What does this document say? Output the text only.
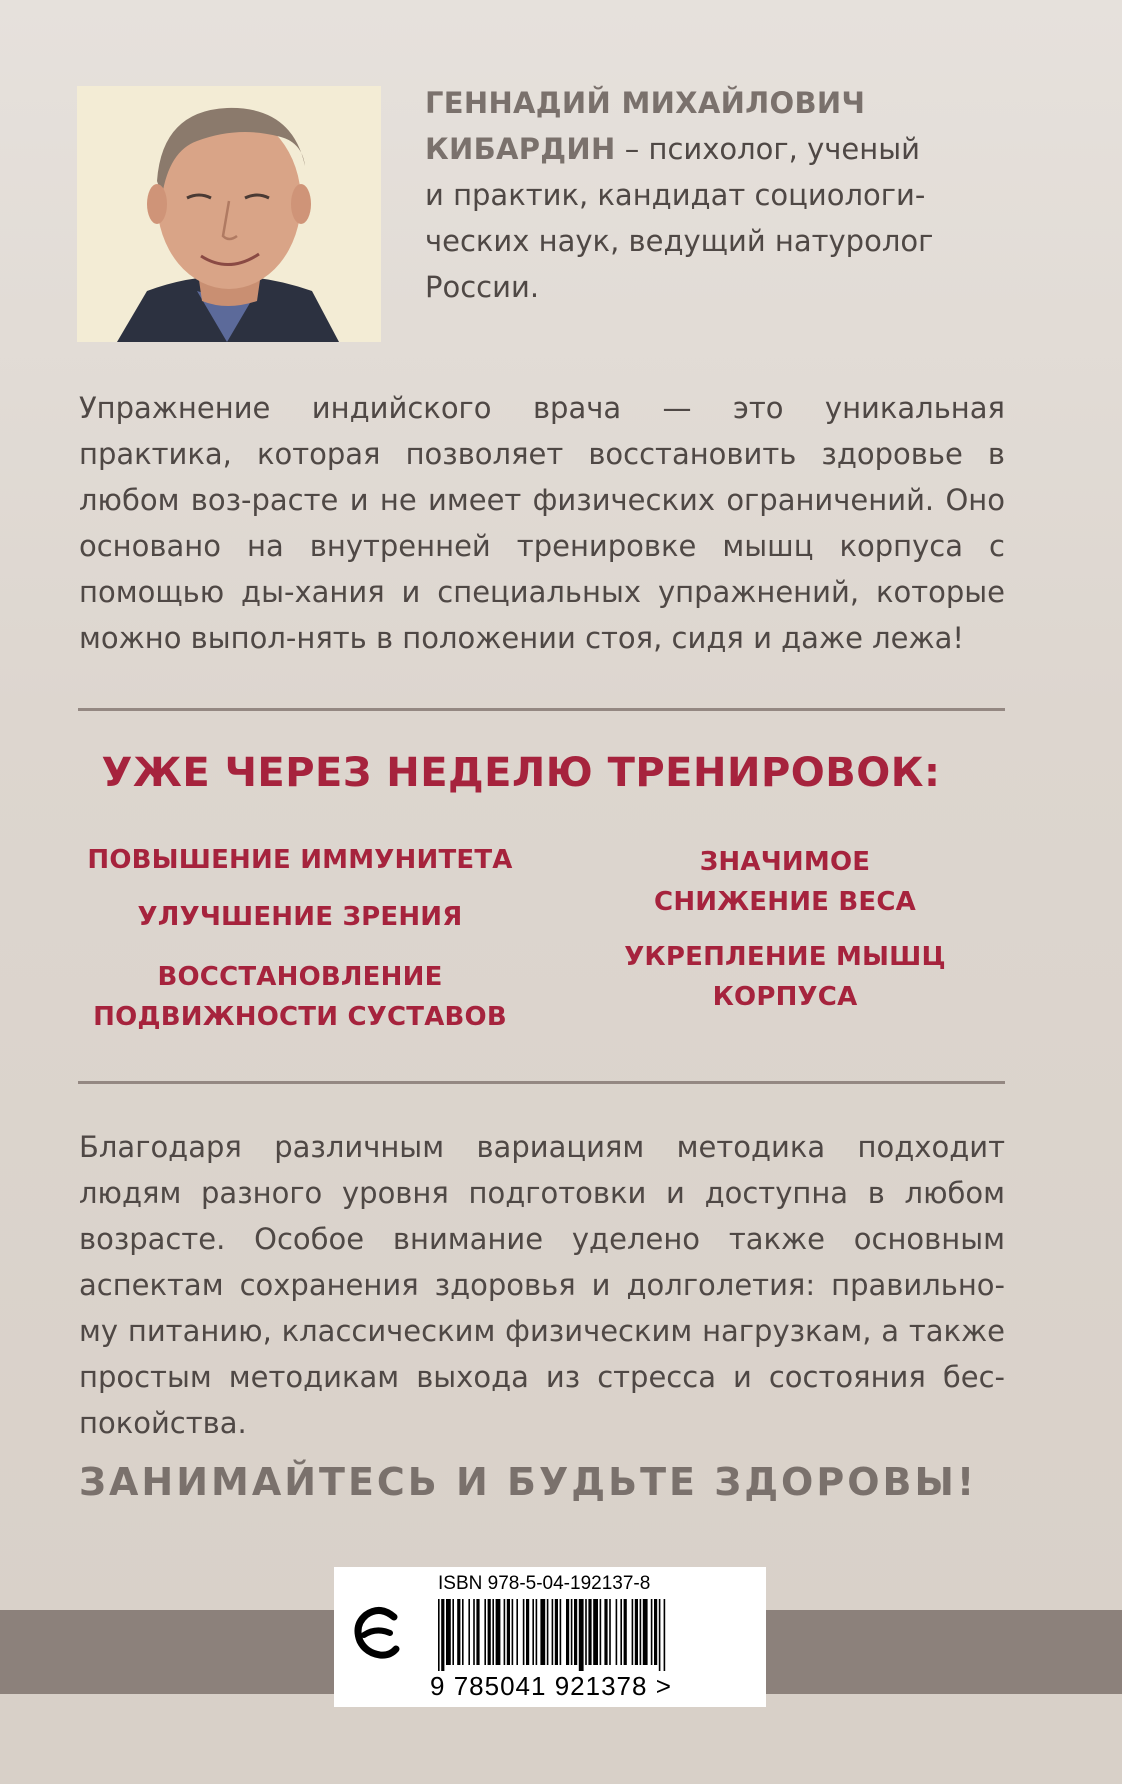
ГЕННАДИЙ МИХАЙЛОВИЧ
КИБАРДИН – психолог, ученый
и практик, кандидат социологи-
ческих наук, ведущий натуролог
России.
Упражнение индийского врача — это уникальная практика, которая позволяет восстановить здоровье в любом воз-расте и не имеет физических ограничений. Оно основано на внутренней тренировке мышц корпуса с помощью ды-хания и специальных упражнений, которые можно выпол-нять в положении стоя, сидя и даже лежа!
УЖЕ ЧЕРЕЗ НЕДЕЛЮ ТРЕНИРОВОК:
ПОВЫШЕНИЕ ИММУНИТЕТА
УЛУЧШЕНИЕ ЗРЕНИЯ
ВОССТАНОВЛЕНИЕ
ПОДВИЖНОСТИ СУСТАВОВ
ЗНАЧИМОЕ
СНИЖЕНИЕ ВЕСА
УКРЕПЛЕНИЕ МЫШЦ
КОРПУСА
Благодаря различным вариациям методика подходит людям разного уровня подготовки и доступна в любом возрасте. Особое внимание уделено также основным аспектам сохранения здоровья и долголетия: правильно-му питанию, классическим физическим нагрузкам, а также простым методикам выхода из стресса и состояния бес-покойства.
ЗАНИМАЙТЕСЬ И БУДЬТЕ ЗДОРОВЫ!
ISBN 978-5-04-192137-8
9 785041 921378 >
